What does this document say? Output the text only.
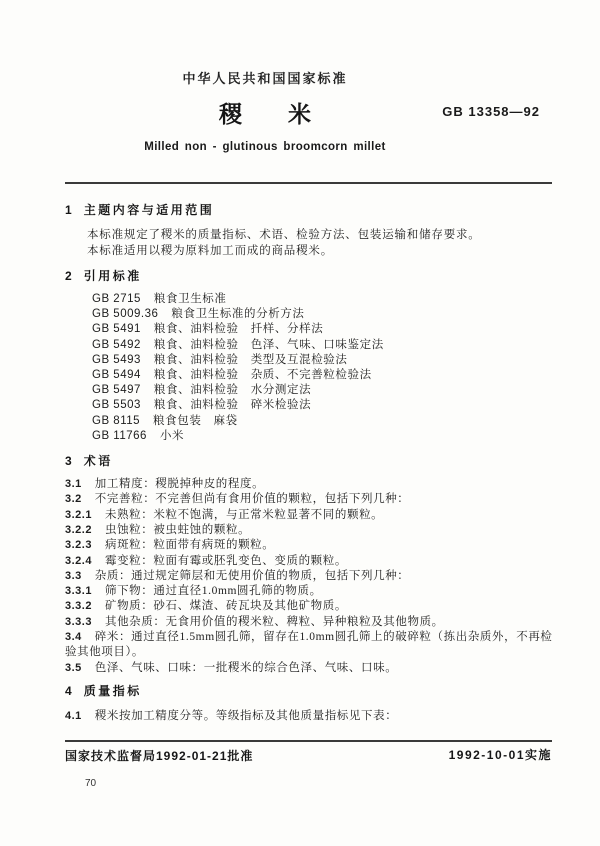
中华人民共和国国家标准
稷　　米	GB 13358—92
Milled non - glutinous broomcorn millet

1 主题内容与适用范围

本标准规定了稷米的质量指标、术语、检验方法、包装运输和储存要求。

本标准适用以稷为原料加工而成的商品稷米。

2 引用标准

GB 2715 粮食卫生标准

GB 5009.36 粮食卫生标准的分析方法

GB 5491 粮食、油料检验　扦样、分样法

GB 5492 粮食、油料检验　色泽、气味、口味鉴定法

GB 5493 粮食、油料检验　类型及互混检验法

GB 5494 粮食、油料检验　杂质、不完善粒检验法

GB 5497 粮食、油料检验　水分测定法

GB 5503 粮食、油料检验　碎米检验法

GB 8115 粮食包装　麻袋

GB 11766 小米

3 术语

3.1 加工精度：稷脱掉种皮的程度。

3.2 不完善粒：不完善但尚有食用价值的颗粒，包括下列几种：

3.2.1 未熟粒：米粒不饱满，与正常米粒显著不同的颗粒。

3.2.2 虫蚀粒：被虫蛀蚀的颗粒。

3.2.3 病斑粒：粒面带有病斑的颗粒。

3.2.4 霉变粒：粒面有霉或胚乳变色、变质的颗粒。

3.3 杂质：通过规定筛层和无使用价值的物质，包括下列几种：

3.3.1 筛下物：通过直径1.0mm圆孔筛的物质。

3.3.2 矿物质：砂石、煤渣、砖瓦块及其他矿物质。

3.3.3 其他杂质：无食用价值的稷米粒、稗粒、异种粮粒及其他物质。

3.4 碎米：通过直径1.5mm圆孔筛，留存在1.0mm圆孔筛上的破碎粒（拣出杂质外，不再检验其他项目）。

3.5 色泽、气味、口味：一批稷米的综合色泽、气味、口味。

4 质量指标

4.1 稷米按加工精度分等。等级指标及其他质量指标见下表：

国家技术监督局1992-01-21批准	1992-10-01实施
70
